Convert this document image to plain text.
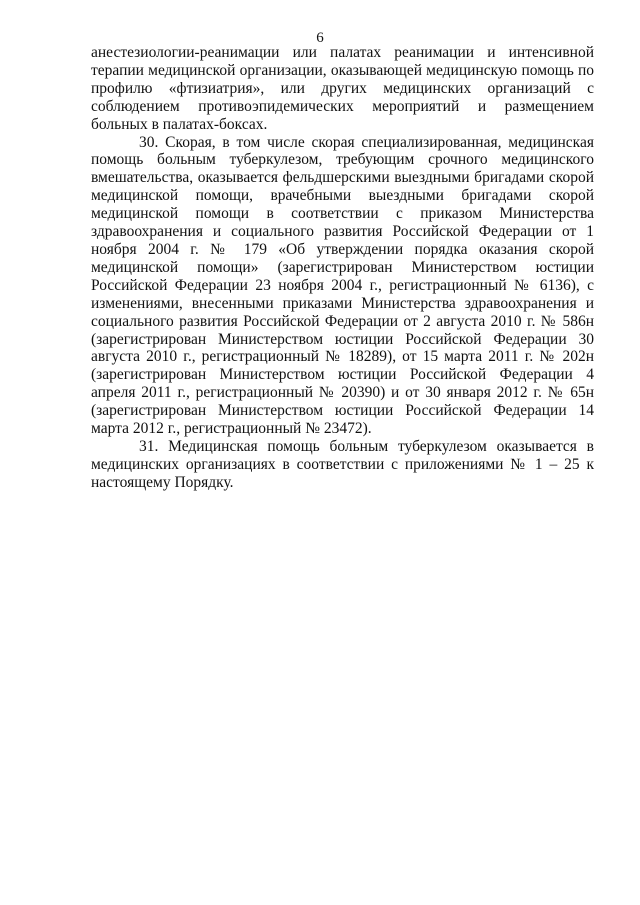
6

анестезиологии-реанимации или палатах реанимации и интенсивной терапии медицинской организации, оказывающей медицинскую помощь по профилю «фтизиатрия», или других медицинских организаций с соблюдением противоэпидемических мероприятий и размещением больных в палатах-боксах.

30. Скорая, в том числе скорая специализированная, медицинская помощь больным туберкулезом, требующим срочного медицинского вмешательства, оказывается фельдшерскими выездными бригадами скорой медицинской помощи, врачебными выездными бригадами скорой медицинской помощи в соответствии с приказом Министерства здравоохранения и социального развития Российской Федерации от 1 ноября 2004 г. № 179 «Об утверждении порядка оказания скорой медицинской помощи» (зарегистрирован Министерством юстиции Российской Федерации 23 ноября 2004 г., регистрационный № 6136), с изменениями, внесенными приказами Министерства здравоохранения и социального развития Российской Федерации от 2 августа 2010 г. № 586н (зарегистрирован Министерством юстиции Российской Федерации 30 августа 2010 г., регистрационный № 18289), от 15 марта 2011 г. № 202н (зарегистрирован Министерством юстиции Российской Федерации 4 апреля 2011 г., регистрационный № 20390) и от 30 января 2012 г. № 65н (зарегистрирован Министерством юстиции Российской Федерации 14 марта 2012 г., регистрационный № 23472).

31. Медицинская помощь больным туберкулезом оказывается в медицинских организациях в соответствии с приложениями № 1 – 25 к настоящему Порядку.
